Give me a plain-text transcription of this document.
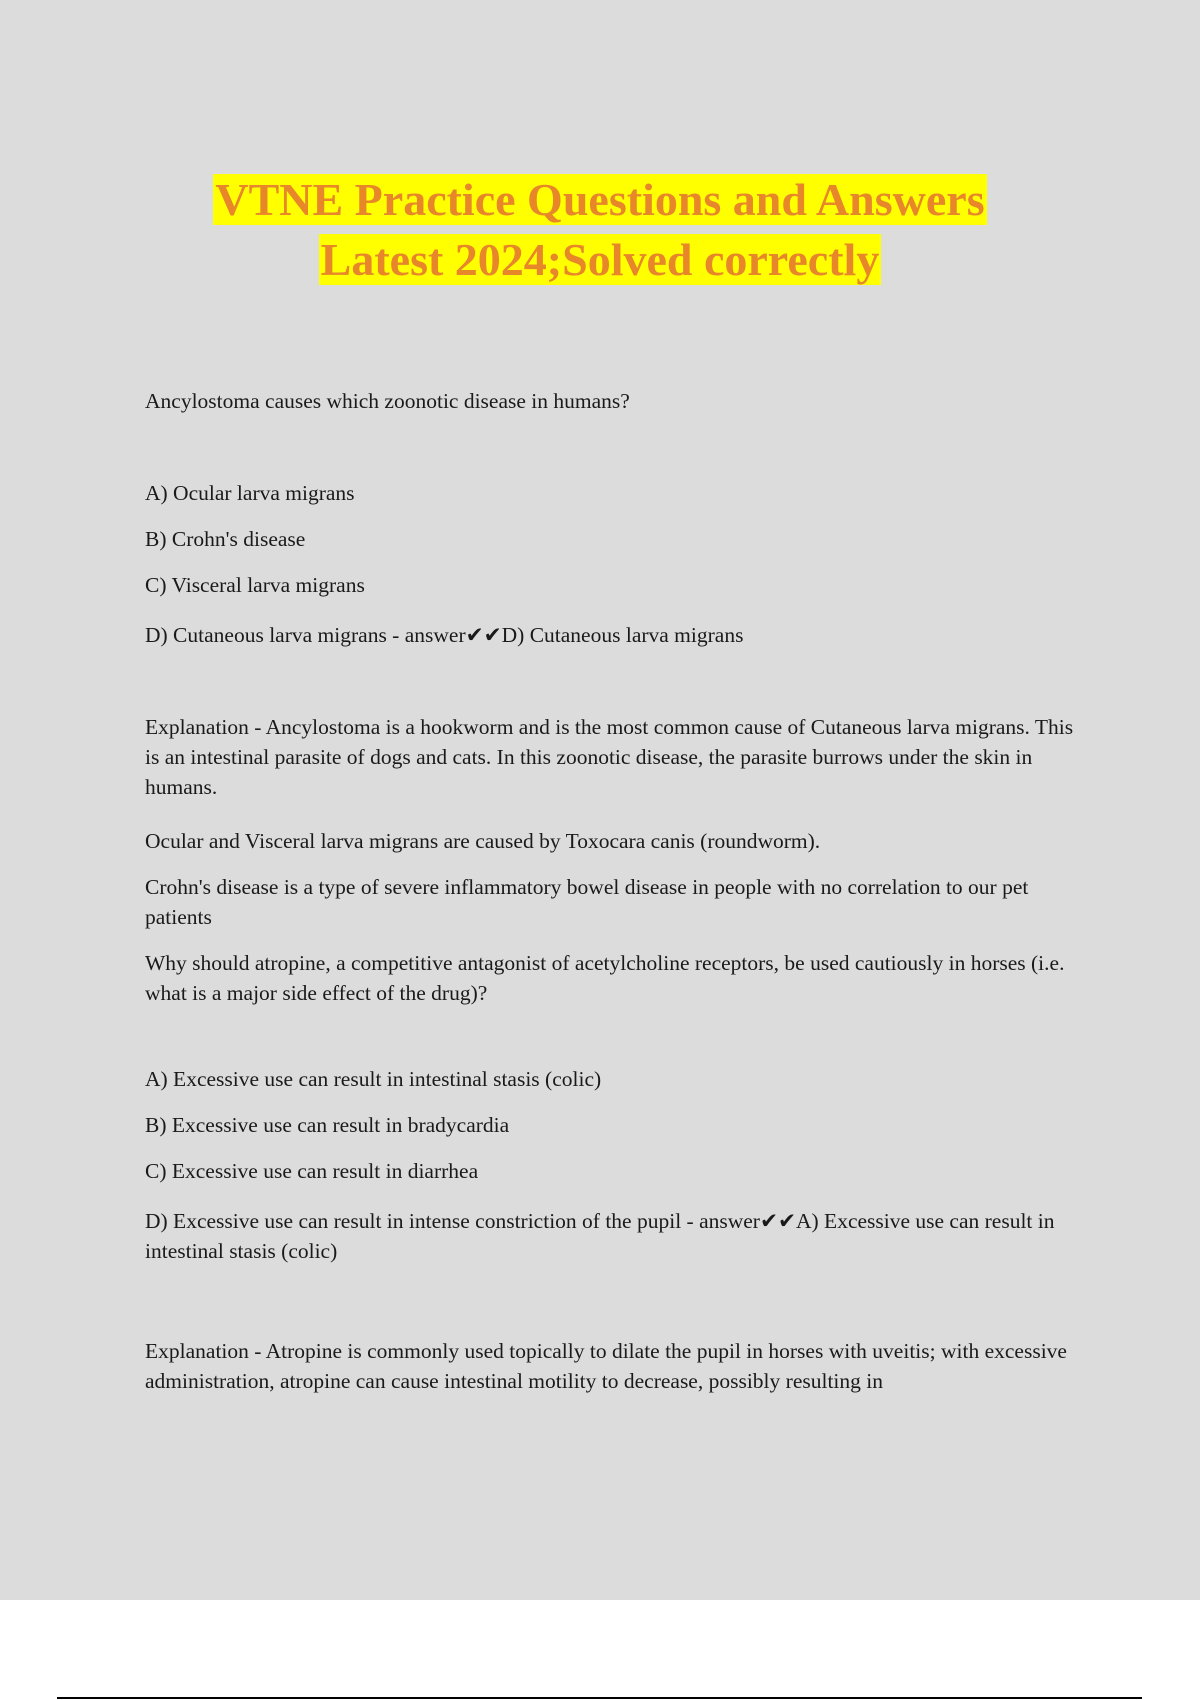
VTNE Practice Questions and Answers
Latest 2024;Solved correctly

Ancylostoma causes which zoonotic disease in humans?

A) Ocular larva migrans

B) Crohn's disease

C) Visceral larva migrans

D) Cutaneous larva migrans - answer✔✔D) Cutaneous larva migrans

Explanation - Ancylostoma is a hookworm and is the most common cause of Cutaneous larva migrans. This is an intestinal parasite of dogs and cats. In this zoonotic disease, the parasite burrows under the skin in humans.

Ocular and Visceral larva migrans are caused by Toxocara canis (roundworm).

Crohn's disease is a type of severe inflammatory bowel disease in people with no correlation to our pet patients

Why should atropine, a competitive antagonist of acetylcholine receptors, be used cautiously in horses (i.e. what is a major side effect of the drug)?

A) Excessive use can result in intestinal stasis (colic)

B) Excessive use can result in bradycardia

C) Excessive use can result in diarrhea

D) Excessive use can result in intense constriction of the pupil - answer✔✔A) Excessive use can result in intestinal stasis (colic)

Explanation - Atropine is commonly used topically to dilate the pupil in horses with uveitis; with excessive administration, atropine can cause intestinal motility to decrease, possibly resulting in
